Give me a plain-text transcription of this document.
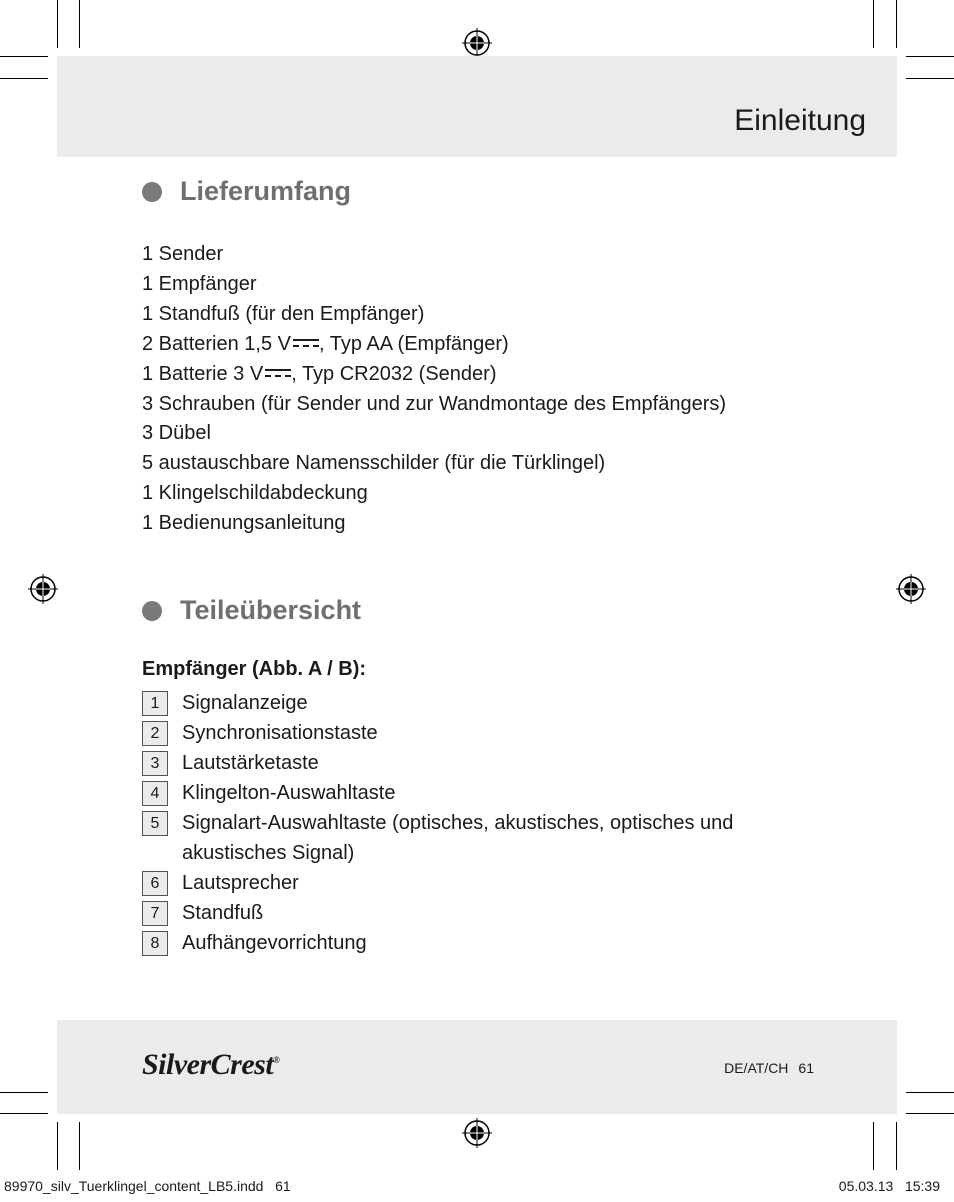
Einleitung
Lieferumfang
1 Sender
1 Empfänger
1 Standfuß (für den Empfänger)
2 Batterien 1,5 V , Typ AA (Empfänger)
1 Batterie 3 V , Typ CR2032 (Sender)
3 Schrauben (für Sender und zur Wandmontage des Empfängers)
3 Dübel
5 austauschbare Namensschilder (für die Türklingel)
1 Klingelschildabdeckung
1 Bedienungsanleitung
Teileübersicht
Empfänger (Abb. A / B):
1	Signalanzeige
2	Synchronisationstaste
3	Lautstärketaste
4	Klingelton-Auswahltaste
5	Signalart-Auswahltaste (optisches, akustisches, optisches und akustisches Signal)
6	Lautsprecher
7	Standfuß
8	Aufhängevorrichtung
SilverCrest®	DE/AT/CH 61
89970_silv_Tuerklingel_content_LB5.indd   61	05.03.13   15:39
